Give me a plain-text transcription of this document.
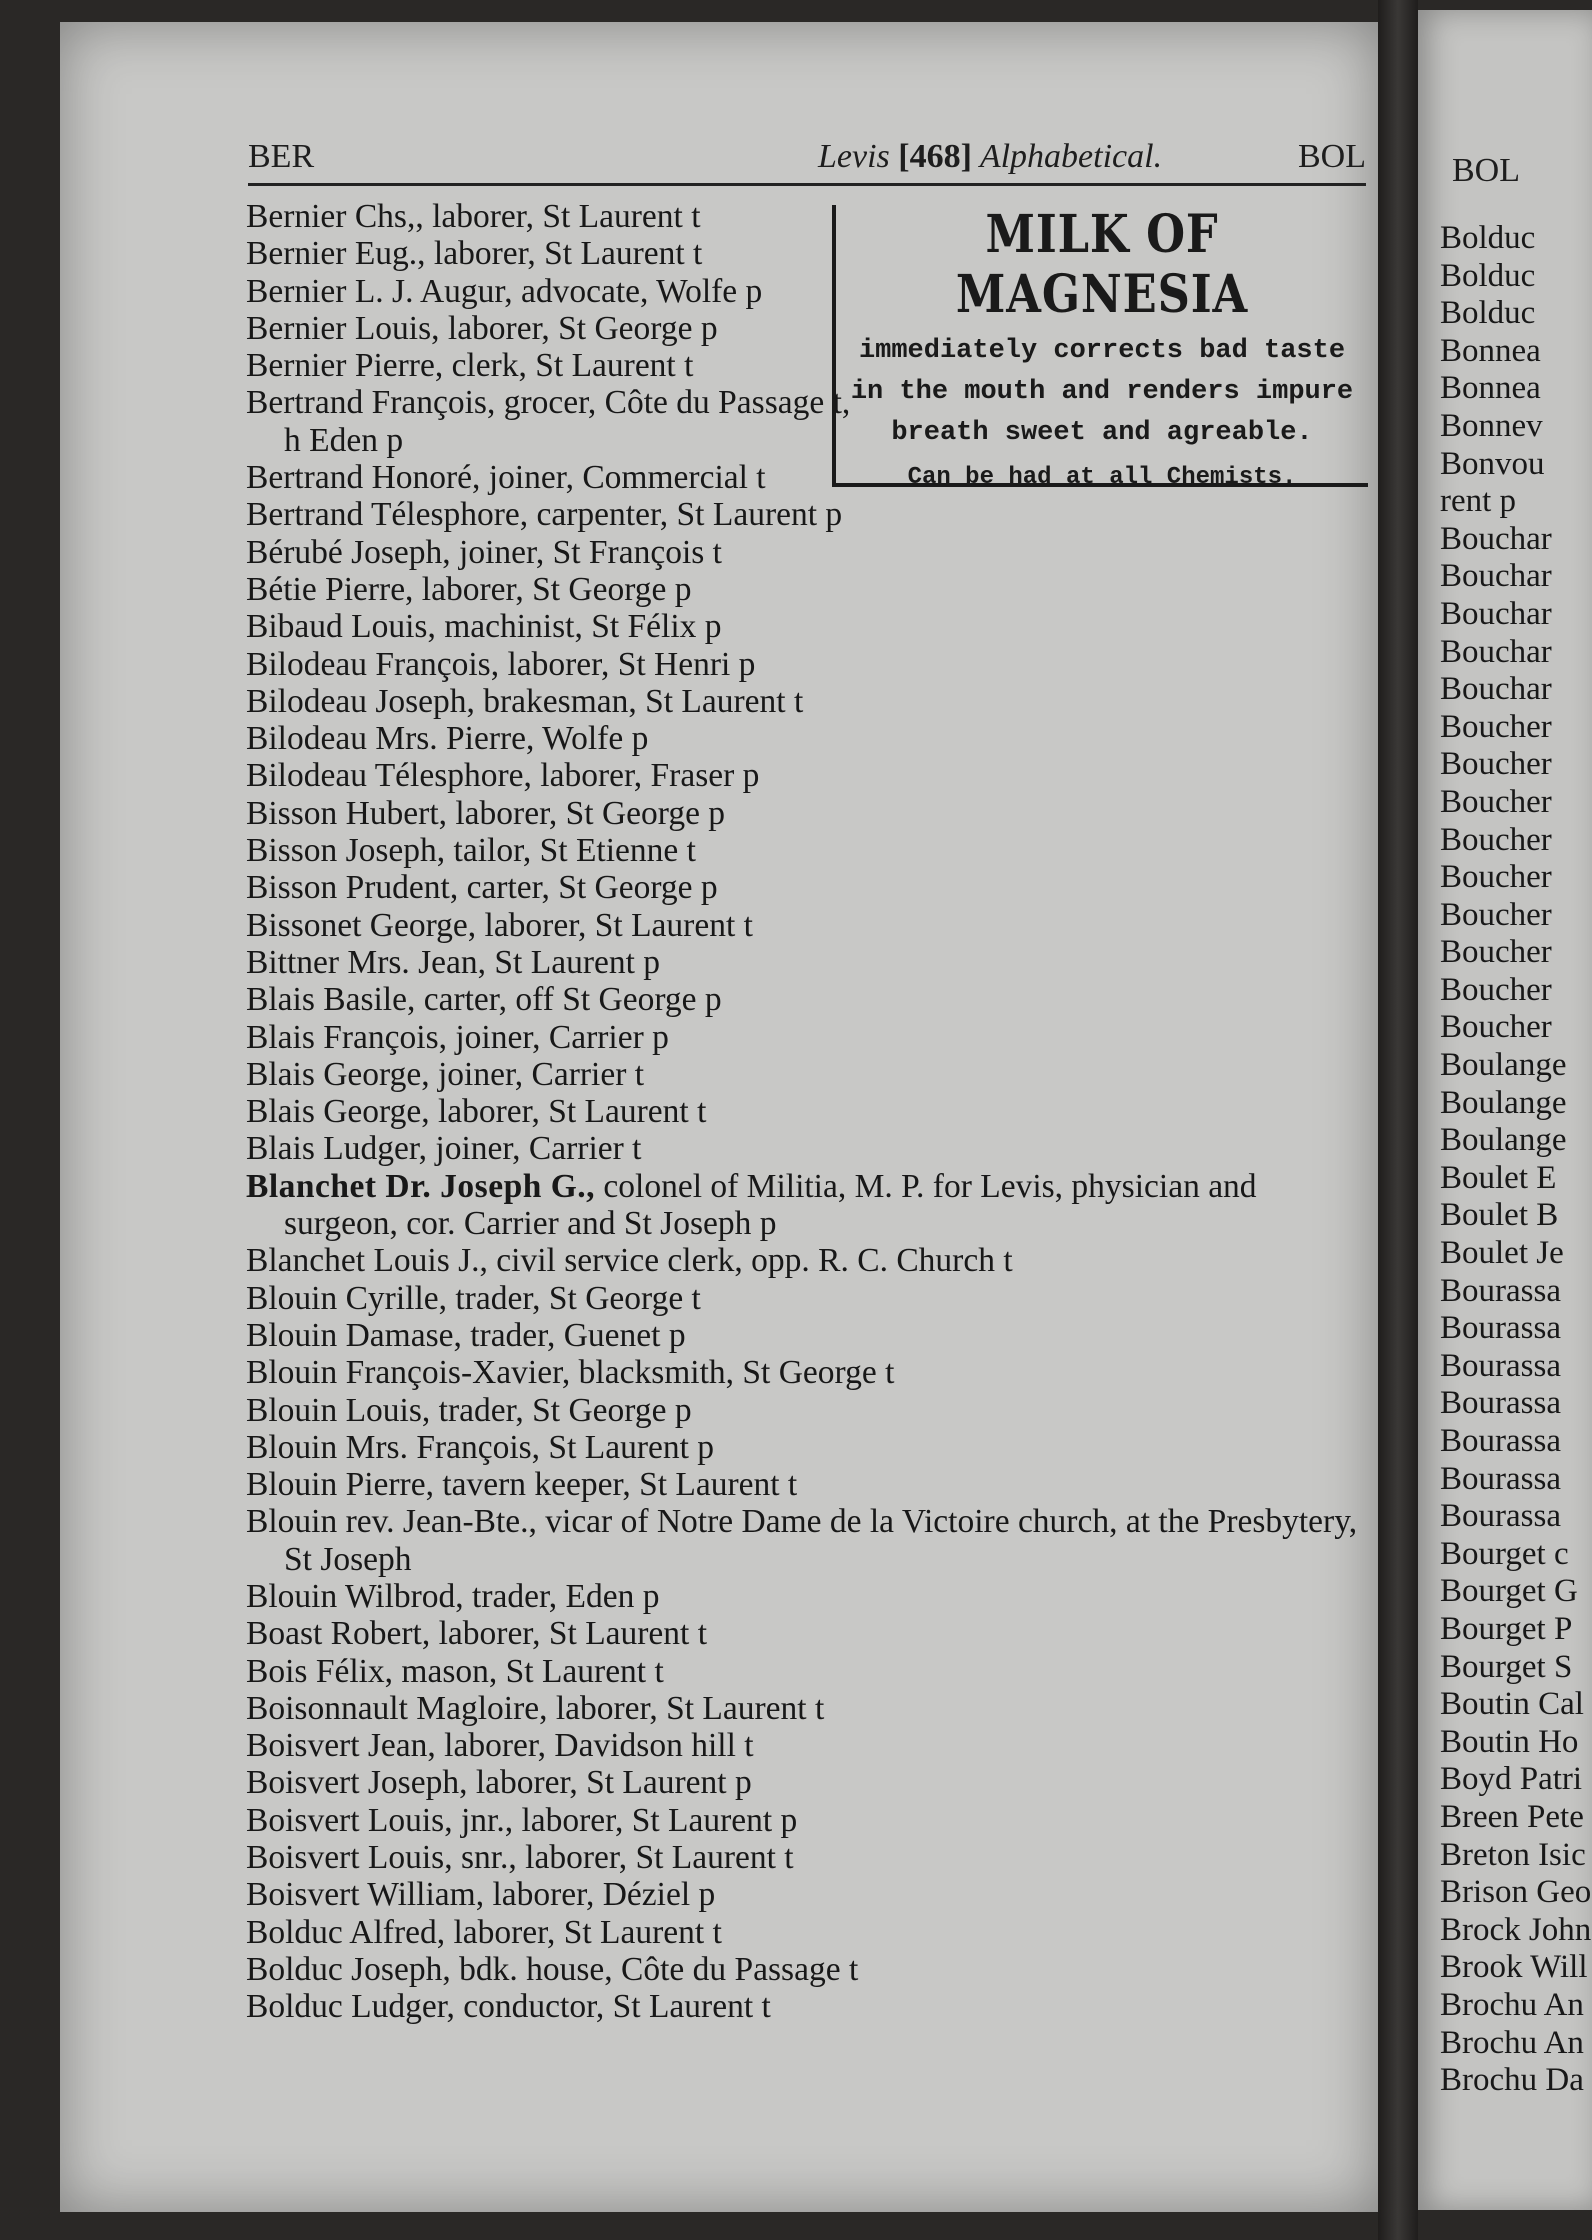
BER	Levis [468] Alphabetical.	BOL
MILK OF MAGNESIA
immediately corrects bad taste in the mouth and renders impure breath sweet and agreable.
Can be had at all Chemists.

Bernier Chs,, laborer, St Laurent t

Bernier Eug., laborer, St Laurent t

Bernier L. J. Augur, advocate, Wolfe p

Bernier Louis, laborer, St George p

Bernier Pierre, clerk, St Laurent t

Bertrand François, grocer, Côte du Passage t, h Eden p

Bertrand Honoré, joiner, Commercial t

Bertrand Télesphore, carpenter, St Laurent p

Bérubé Joseph, joiner, St François t

Bétie Pierre, laborer, St George p

Bibaud Louis, machinist, St Félix p

Bilodeau François, laborer, St Henri p

Bilodeau Joseph, brakesman, St Laurent t

Bilodeau Mrs. Pierre, Wolfe p

Bilodeau Télesphore, laborer, Fraser p

Bisson Hubert, laborer, St George p

Bisson Joseph, tailor, St Etienne t

Bisson Prudent, carter, St George p

Bissonet George, laborer, St Laurent t

Bittner Mrs. Jean, St Laurent p

Blais Basile, carter, off St George p

Blais François, joiner, Carrier p

Blais George, joiner, Carrier t

Blais George, laborer, St Laurent t

Blais Ludger, joiner, Carrier t

Blanchet Dr. Joseph G., colonel of Militia, M. P. for Levis, physician and surgeon, cor. Carrier and St Joseph p

Blanchet Louis J., civil service clerk, opp. R. C. Church t

Blouin Cyrille, trader, St George t

Blouin Damase, trader, Guenet p

Blouin François-Xavier, blacksmith, St George t

Blouin Louis, trader, St George p

Blouin Mrs. François, St Laurent p

Blouin Pierre, tavern keeper, St Laurent t

Blouin rev. Jean-Bte., vicar of Notre Dame de la Victoire church, at the Presbytery, St Joseph

Blouin Wilbrod, trader, Eden p

Boast Robert, laborer, St Laurent t

Bois Félix, mason, St Laurent t

Boisonnault Magloire, laborer, St Laurent t

Boisvert Jean, laborer, Davidson hill t

Boisvert Joseph, laborer, St Laurent p

Boisvert Louis, jnr., laborer, St Laurent p

Boisvert Louis, snr., laborer, St Laurent t

Boisvert William, laborer, Déziel p

Bolduc Alfred, laborer, St Laurent t

Bolduc Joseph, bdk. house, Côte du Passage t

Bolduc Ludger, conductor, St Laurent t

BOL
Bolduc
Bolduc
Bolduc
Bonnea
Bonnea
Bonnev
Bonvou
rent p
Bouchar
Bouchar
Bouchar
Bouchar
Bouchar
Boucher
Boucher
Boucher
Boucher
Boucher
Boucher
Boucher
Boucher
Boucher
Boulange
Boulange
Boulange
Boulet E
Boulet B
Boulet Je
Bourassa
Bourassa
Bourassa
Bourassa
Bourassa
Bourassa
Bourassa
Bourget c
Bourget G
Bourget P
Bourget S
Boutin Cal
Boutin Ho
Boyd Patri
Breen Pete
Breton Isic
Brison Geo
Brock John
Brook Will
Brochu An
Brochu An
Brochu Da
